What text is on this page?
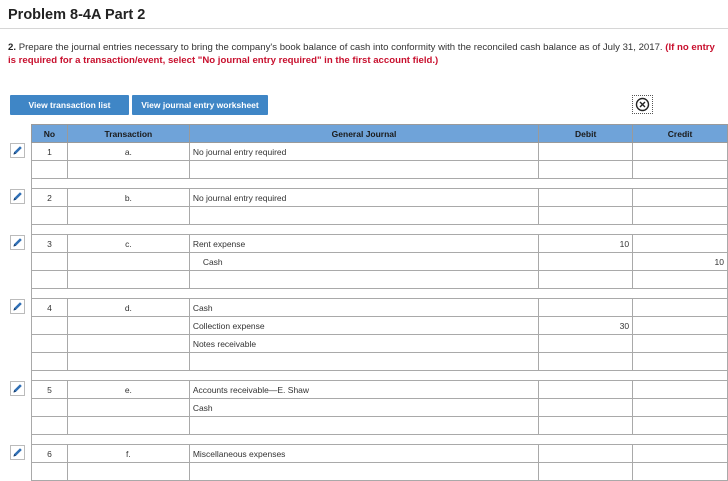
Problem 8-4A Part 2
2. Prepare the journal entries necessary to bring the company's book balance of cash into conformity with the reconciled cash balance as of July 31, 2017. (If no entry is required for a transaction/event, select "No journal entry required" in the first account field.)
View transaction list	View journal entry worksheet
No	Transaction	General Journal	Debit	Credit
1	a.	No journal entry required		

2	b.	No journal entry required		

3	c.	Rent expense	10	
		Cash		10

4	d.	Cash		
		Collection expense	30	
		Notes receivable		

5	e.	Accounts receivable—E. Shaw		
		Cash		

6	f.	Miscellaneous expenses		
